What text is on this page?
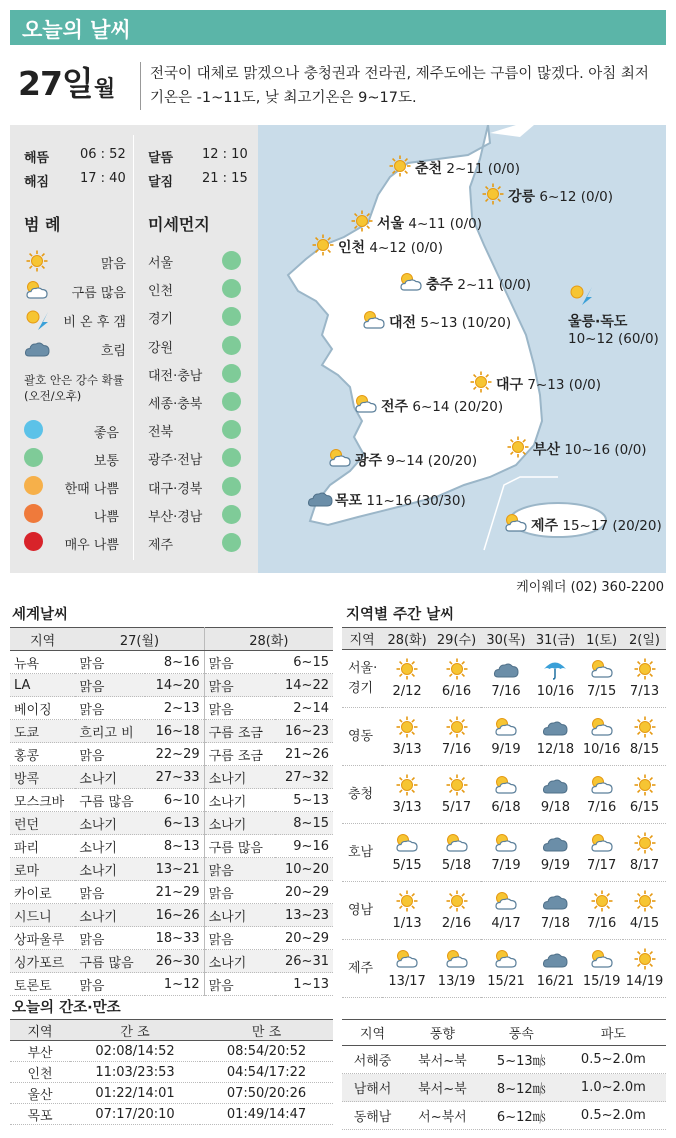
오늘의 날씨
27일 월
전국이 대체로 맑겠으나 충청권과 전라권, 제주도에는 구름이 많겠다. 아침 최저기온은 -1~11도, 낮 최고기온은 9~17도.
해뜸 06 : 52
해짐 17 : 40
달뜸 12 : 10
달짐 21 : 15
범 례	미세먼지
맑음
구름 많음
비 온 후 갬
흐림
괄호 안은 강수 확률
(오전/오후)
좋음
보통
한때 나쁨
나쁨
매우 나쁨
서울
인천
경기
강원
대전·충남
세종·충북
전북
광주·전남
대구·경북
부산·경남
제주
춘천 2~11 (0/0)
강릉 6~12 (0/0)
서울 4~11 (0/0)
인천 4~12 (0/0)
충주 2~11 (0/0)
대전 5~13 (10/20)	울릉·독도
10~12 (60/0)
대구 7~13 (0/0)
전주 6~14 (20/20)
부산 10~16 (0/0)
광주 9~14 (20/20)
목포 11~16 (30/30)
제주 15~17 (20/20)
케이웨더 (02) 360-2200
세계날씨
지역	27(월)		28(화)	
뉴욕	맑음	8~16	맑음	6~15
LA	맑음	14~20	맑음	14~22
베이징	맑음	2~13	맑음	2~14
도쿄	흐리고 비	16~18	구름 조금	16~23
홍콩	맑음	22~29	구름 조금	21~26
방콕	소나기	27~33	소나기	27~32
모스크바	구름 많음	6~10	소나기	5~13
런던	소나기	6~13	소나기	8~15
파리	소나기	8~13	구름 많음	9~16
로마	소나기	13~21	맑음	10~20
카이로	맑음	21~29	맑음	20~29
시드니	소나기	16~26	소나기	13~23
상파울루	맑음	18~33	맑음	20~29
싱가포르	구름 많음	26~30	소나기	26~31
토론토	맑음	1~12	맑음	1~13
지역별 주간 날씨
지역	28(화)	29(수)	30(목)	31(금)	1(토)	2(일)
서울·
경기	2/12	6/16	7/16	10/16	7/15	7/13
영동	3/13	7/16	9/19	12/18	10/16	8/15
충청	3/13	5/17	6/18	9/18	7/16	6/15
호남	5/15	5/18	7/19	9/19	7/17	8/17
영남	1/13	2/16	4/17	7/18	7/16	4/15
제주	13/17	13/19	15/21	16/21	15/19	14/19
오늘의 간조·만조
지역	간 조	만 조
부산	02:08/14:52	08:54/20:52
인천	11:03/23:53	04:54/17:22
울산	01:22/14:01	07:50/20:26
목포	07:17/20:10	01:49/14:47
지역	풍향	풍속	파도
서해중	북서~북	5~13㎧	0.5~2.0m
남해서	북서~북	8~12㎧	1.0~2.0m
동해남	서~북서	6~12㎧	0.5~2.0m
